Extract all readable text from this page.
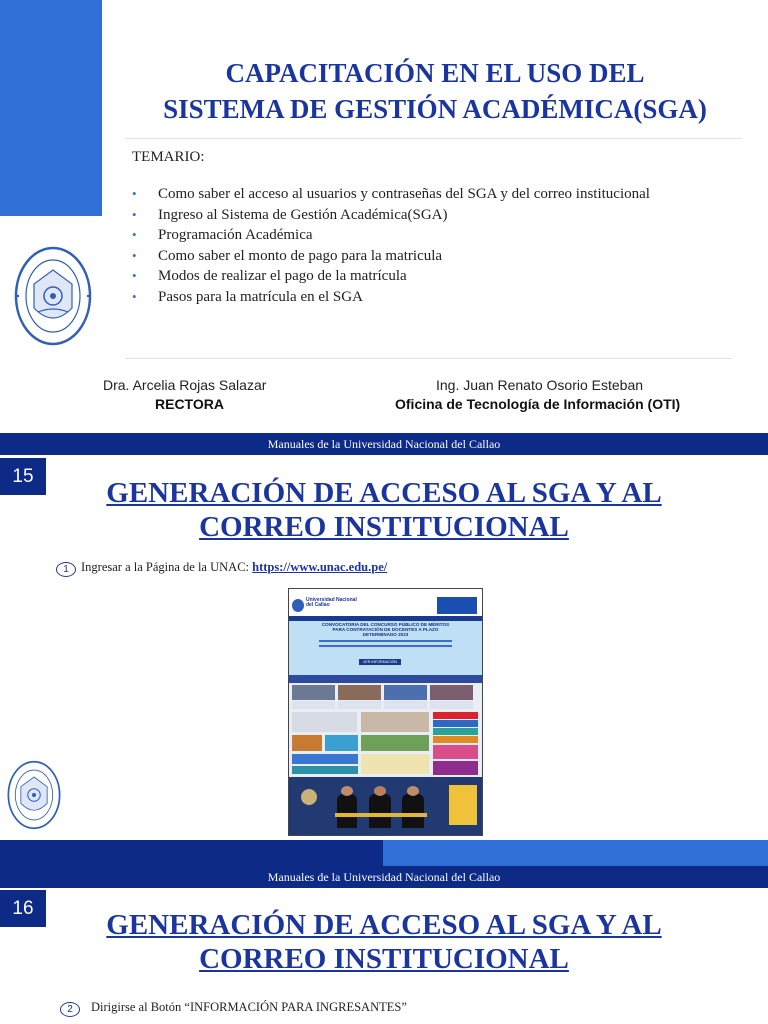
CAPACITACIÓN EN EL USO DEL
SISTEMA DE GESTIÓN ACADÉMICA(SGA)
TEMARIO:
• Como saber el acceso al usuarios y contraseñas del SGA y del correo institucional
• Ingreso al Sistema de Gestión Académica(SGA)
• Programación Académica
• Como saber el monto de pago para la matricula
• Modos de realizar el pago de la matrícula
• Pasos para la matrícula en el SGA
Dra. Arcelia Rojas Salazar
RECTORA
Ing. Juan Renato Osorio Esteban
Oficina de Tecnología de Información (OTI)
Manuales de la Universidad Nacional del Callao
15
GENERACIÓN DE ACCESO AL SGA Y AL
CORREO INSTITUCIONAL
1 Ingresar a la Página de la UNAC: https://www.unac.edu.pe/
Universidad Nacional del Callao
CONVOCATORIA DEL CONCURSO PÚBLICO DE MÉRITOS
PARA CONTRATACIÓN DE DOCENTES A PLAZO
DETERMINADO 2023
VER INFORMACIÓN
Manuales de la Universidad Nacional del Callao
16
GENERACIÓN DE ACCESO AL SGA Y AL
CORREO INSTITUCIONAL
2	Dirigirse al Botón “INFORMACIÓN PARA INGRESANTES”
